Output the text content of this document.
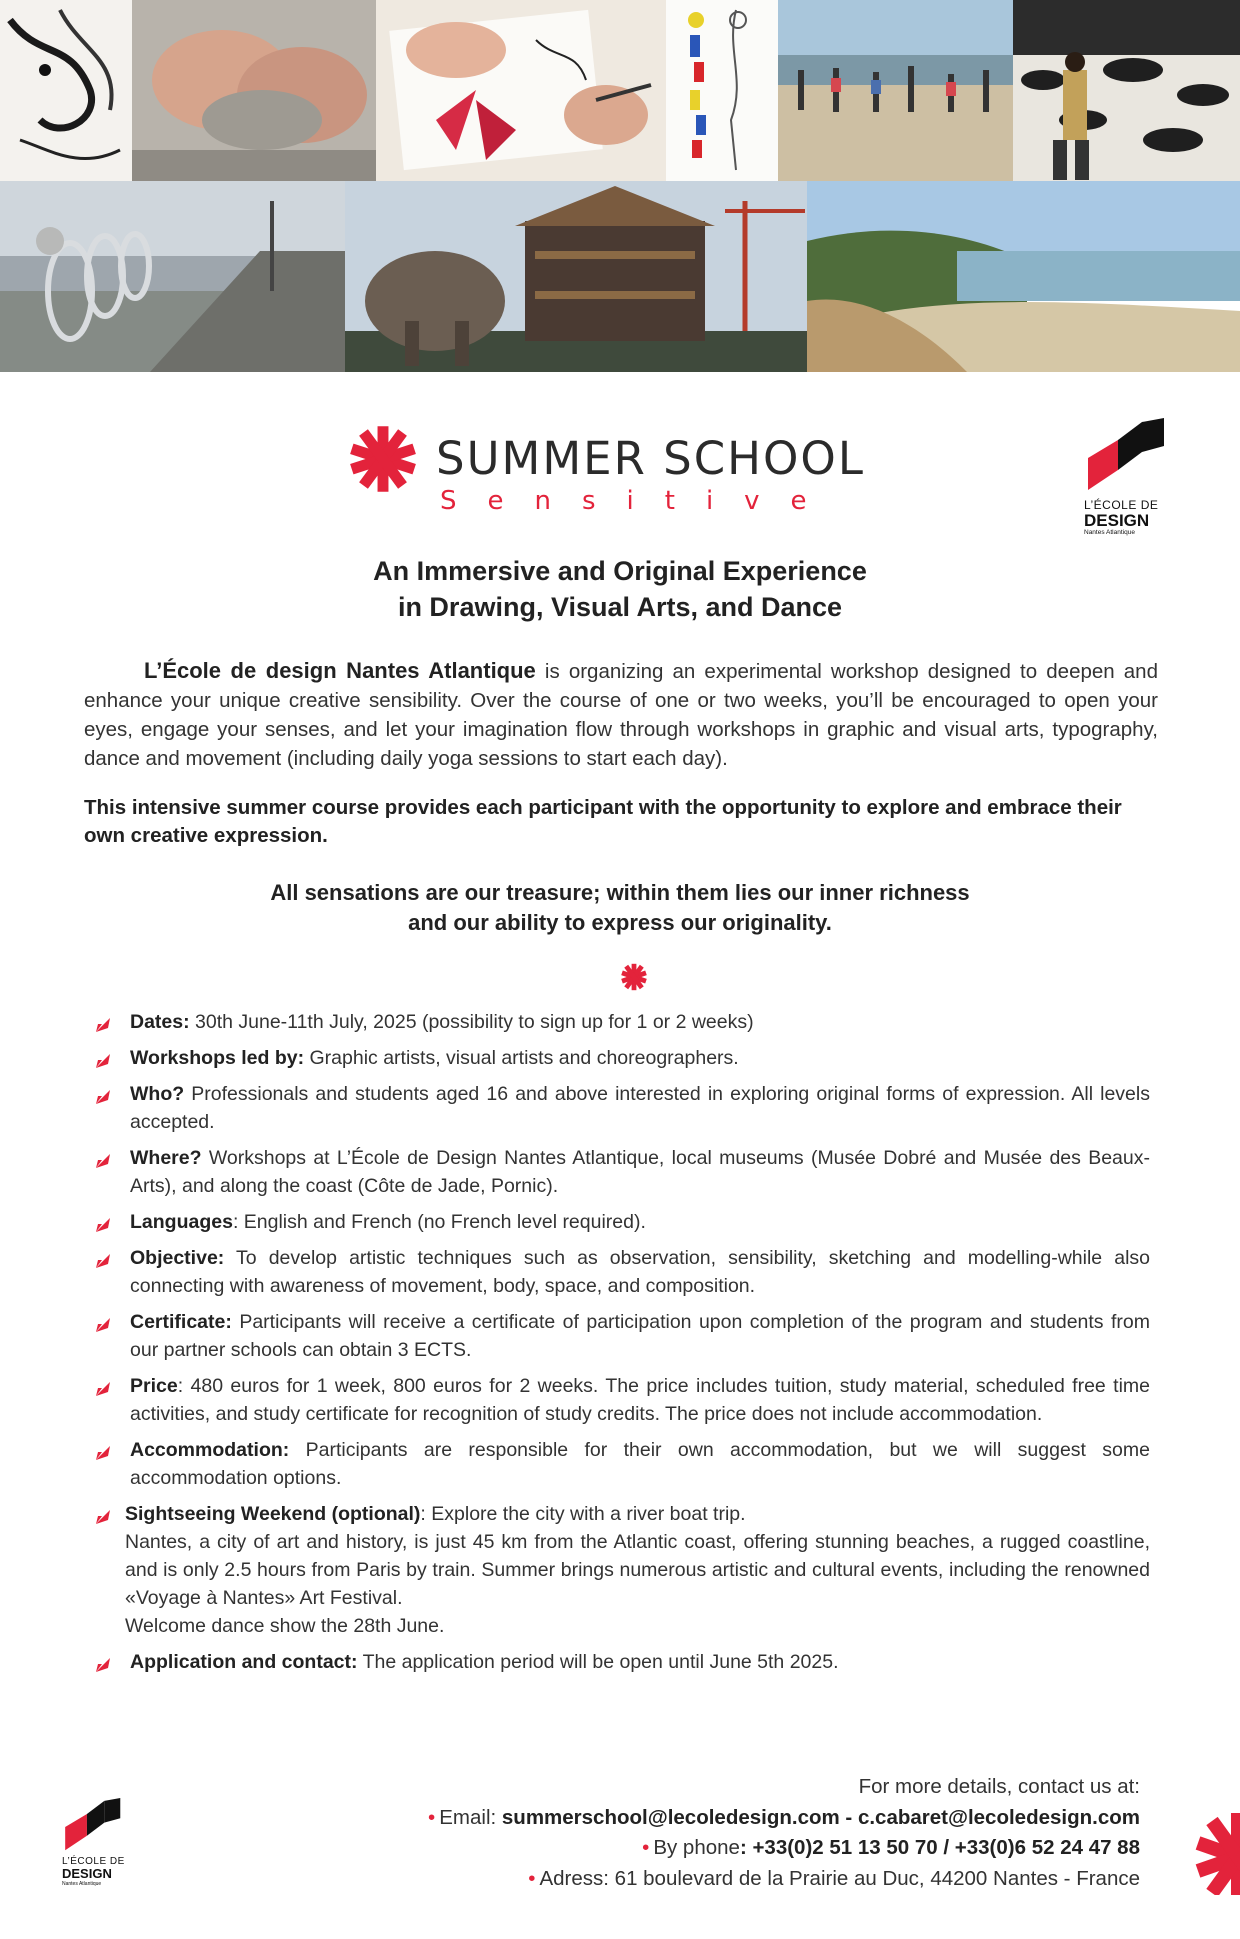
SUMMER SCHOOL
Sensitive	L’ÉCOLE DE
DESIGN
Nantes Atlantique
An Immersive and Original Experience
in Drawing, Visual Arts, and Dance

L’École de design Nantes Atlantique is organizing an experimental workshop designed to deepen and enhance your unique creative sensibility. Over the course of one or two weeks, you’ll be encouraged to open your eyes, engage your senses, and let your imagination flow through workshops in graphic and visual arts, typography, dance and movement (including daily yoga sessions to start each day).

This intensive summer course provides each participant with the opportunity to explore and embrace their own creative expression.

All sensations are our treasure; within them lies our inner richness
and our ability to express our originality.
Dates: 30th June-11th July, 2025 (possibility to sign up for 1 or 2 weeks)
Workshops led by: Graphic artists, visual artists and choreographers.
Who? Professionals and students aged 16 and above interested in exploring original forms of expression. All levels accepted.
Where? Workshops at L’École de Design Nantes Atlantique, local museums (Musée Dobré and Musée des Beaux-Arts), and along the coast (Côte de Jade, Pornic).
Languages: English and French (no French level required).
Objective: To develop artistic techniques such as observation, sensibility, sketching and modelling-while also connecting with awareness of movement, body, space, and composition.
Certificate: Participants will receive a certificate of participation upon completion of the program and students from our partner schools can obtain 3 ECTS.
Price: 480 euros for 1 week, 800 euros for 2 weeks. The price includes tuition, study material, scheduled free time activities, and study certificate for recognition of study credits. The price does not include accommodation.
Accommodation: Participants are responsible for their own accommodation, but we will suggest some accommodation options.
Sightseeing Weekend (optional): Explore the city with a river boat trip.
Nantes, a city of art and history, is just 45 km from the Atlantic coast, offering stunning beaches, a rugged coastline, and is only 2.5 hours from Paris by train. Summer brings numerous artistic and cultural events, including the renowned «Voyage à Nantes» Art Festival.
Welcome dance show the 28th June.
Application and contact: The application period will be open until June 5th 2025.
L’ÉCOLE DE
DESIGN
Nantes Atlantique
For more details, contact us at:
• Email: summerschool@lecoledesign.com - c.cabaret@lecoledesign.com
• By phone: +33(0)2 51 13 50 70 / +33(0)6 52 24 47 88
• Adress: 61 boulevard de la Prairie au Duc, 44200 Nantes - France
